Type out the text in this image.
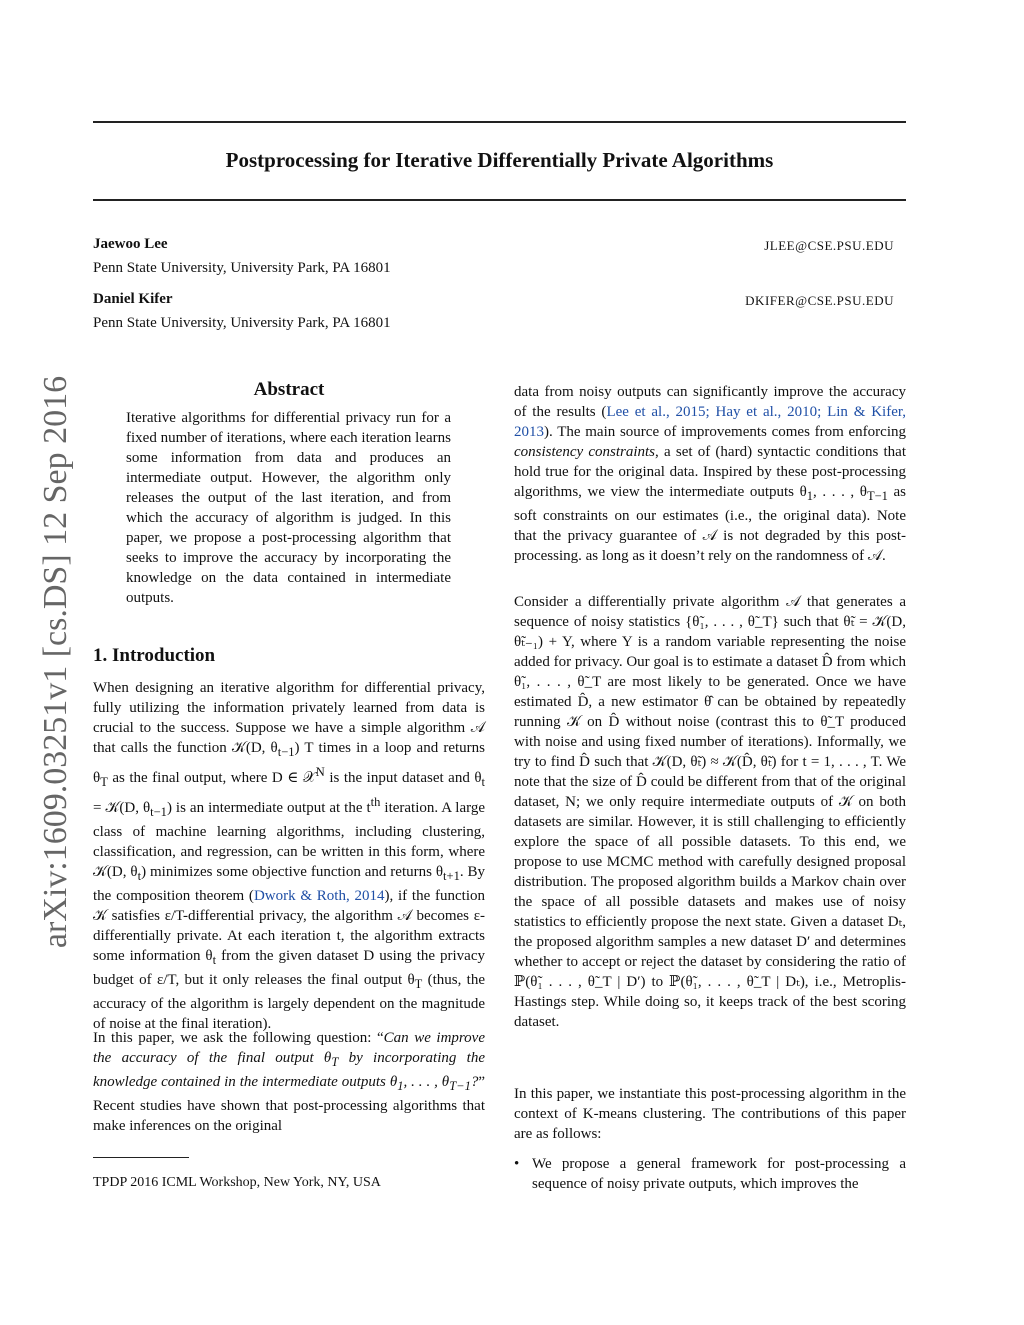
Postprocessing for Iterative Differentially Private Algorithms
Jaewoo Lee	JLEE@CSE.PSU.EDU
Penn State University, University Park, PA 16801
Daniel Kifer	DKIFER@CSE.PSU.EDU
Penn State University, University Park, PA 16801
arXiv:1609.03251v1 [cs.DS] 12 Sep 2016	Abstract
Iterative algorithms for differential privacy run for a fixed number of iterations, where each iteration learns some information from data and produces an intermediate output. However, the algorithm only releases the output of the last iteration, and from which the accuracy of algorithm is judged. In this paper, we propose a post-processing algorithm that seeks to improve the accuracy by incorporating the knowledge on the data contained in intermediate outputs.
1. Introduction

When designing an iterative algorithm for differential privacy, fully utilizing the information privately learned from data is crucial to the success. Suppose we have a simple algorithm 𝒜 that calls the function 𝒦(D, $\theta_{t-1}$) T times in a loop and returns $\theta_T$ as the final output, where D ∈ 𝒳$^N$ is the input dataset and $\theta_t$ = 𝒦(D, $\theta_{t-1}$) is an intermediate output at the $t^{th}$ iteration. A large class of machine learning algorithms, including clustering, classification, and regression, can be written in this form, where 𝒦(D, $\theta_t$) minimizes some objective function and returns $\theta_{t+1}$. By the composition theorem (Dwork & Roth, 2014), if the function 𝒦 satisfies ε/T-differential privacy, the algorithm 𝒜 becomes ε-differentially private. At each iteration t, the algorithm extracts some information $\theta_t$ from the given dataset D using the privacy budget of ε/T, but it only releases the final output $\theta_T$ (thus, the accuracy of the algorithm is largely dependent on the magnitude of noise at the final iteration).

In this paper, we ask the following question: “Can we improve the accuracy of the final output $\theta_T$ by incorporating the knowledge contained in the intermediate outputs $\theta_1$, . . . , $\theta_{T-1}$?” Recent studies have shown that post-processing algorithms that make inferences on the original

data from noisy outputs can significantly improve the accuracy of the results (Lee et al., 2015; Hay et al., 2010; Lin & Kifer, 2013). The main source of improvements comes from enforcing consistency constraints, a set of (hard) syntactic conditions that hold true for the original data. Inspired by these post-processing algorithms, we view the intermediate outputs $\theta_1$, . . . , $\theta_{T-1}$ as soft constraints on our estimates (i.e., the original data). Note that the privacy guarantee of 𝒜 is not degraded by this post-processing. as long as it doesn’t rely on the randomness of 𝒜.

Consider a differentially private algorithm 𝒜 that generates a sequence of noisy statistics {θ̃₁, . . . , θ̃_T} such that θ̃ₜ = 𝒦(D, θ̃ₜ₋₁) + Y, where Y is a random variable representing the noise added for privacy. Our goal is to estimate a dataset D̂ from which θ̃₁, . . . , θ̃_T are most likely to be generated. Once we have estimated D̂, a new estimator θ̂ can be obtained by repeatedly running 𝒦 on D̂ without noise (contrast this to θ̃_T produced with noise and using fixed number of iterations). Informally, we try to find D̂ such that 𝒦(D, θ̃ₜ) ≈ 𝒦(D̂, θ̃ₜ) for t = 1, . . . , T. We note that the size of D̂ could be different from that of the original dataset, N; we only require intermediate outputs of 𝒦 on both datasets are similar. However, it is still challenging to efficiently explore the space of all possible datasets. To this end, we propose to use MCMC method with carefully designed proposal distribution. The proposed algorithm builds a Markov chain over the space of all possible datasets and makes use of noisy statistics to efficiently propose the next state. Given a dataset Dₜ, the proposed algorithm samples a new dataset D′ and determines whether to accept or reject the dataset by considering the ratio of ℙ(θ̃₁ . . . , θ̃_T | D′) to ℙ(θ̃₁, . . . , θ̃_T | Dₜ), i.e., Metroplis-Hastings step. While doing so, it keeps track of the best scoring dataset.

In this paper, we instantiate this post-processing algorithm in the context of K-means clustering. The contributions of this paper are as follows:

• We propose a general framework for post-processing a sequence of noisy private outputs, which improves the
TPDP 2016 ICML Workshop, New York, NY, USA
